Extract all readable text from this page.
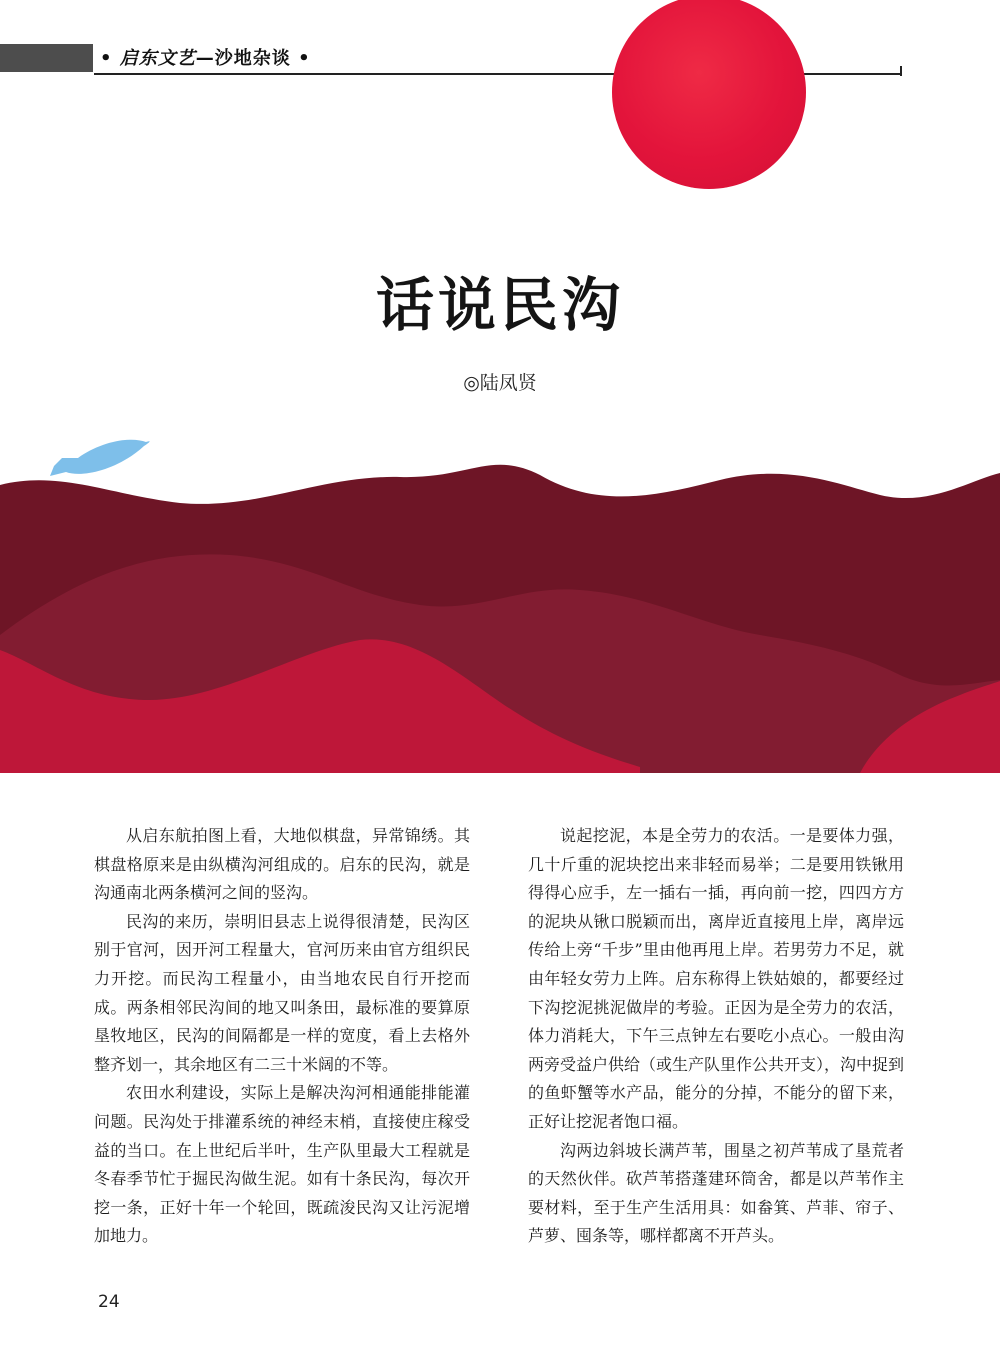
• 启东文艺—沙地杂谈 •
话说民沟
◎陆凤贤

从启东航拍图上看，大地似棋盘，异常锦绣。其棋盘格原来是由纵横沟河组成的。启东的民沟，就是沟通南北两条横河之间的竖沟。

民沟的来历，崇明旧县志上说得很清楚，民沟区别于官河，因开河工程量大，官河历来由官方组织民力开挖。而民沟工程量小，由当地农民自行开挖而成。两条相邻民沟间的地又叫条田，最标准的要算原垦牧地区，民沟的间隔都是一样的宽度，看上去格外整齐划一，其余地区有二三十米阔的不等。

农田水利建设，实际上是解决沟河相通能排能灌问题。民沟处于排灌系统的神经末梢，直接使庄稼受益的当口。在上世纪后半叶，生产队里最大工程就是冬春季节忙于掘民沟做生泥。如有十条民沟，每次开挖一条，正好十年一个轮回，既疏浚民沟又让污泥增加地力。

说起挖泥，本是全劳力的农活。一是要体力强，几十斤重的泥块挖出来非轻而易举；二是要用铁锹用得得心应手，左一插右一插，再向前一挖，四四方方的泥块从锹口脱颖而出，离岸近直接甩上岸，离岸远传给上旁“千步”里由他再甩上岸。若男劳力不足，就由年轻女劳力上阵。启东称得上铁姑娘的，都要经过下沟挖泥挑泥做岸的考验。正因为是全劳力的农活，体力消耗大，下午三点钟左右要吃小点心。一般由沟两旁受益户供给（或生产队里作公共开支），沟中捉到的鱼虾蟹等水产品，能分的分掉，不能分的留下来，正好让挖泥者饱口福。

沟两边斜坡长满芦苇，围垦之初芦苇成了垦荒者的天然伙伴。砍芦苇搭蓬建环筒舍，都是以芦苇作主要材料，至于生产生活用具：如畚箕、芦菲、帘子、芦萝、囤条等，哪样都离不开芦头。

24
